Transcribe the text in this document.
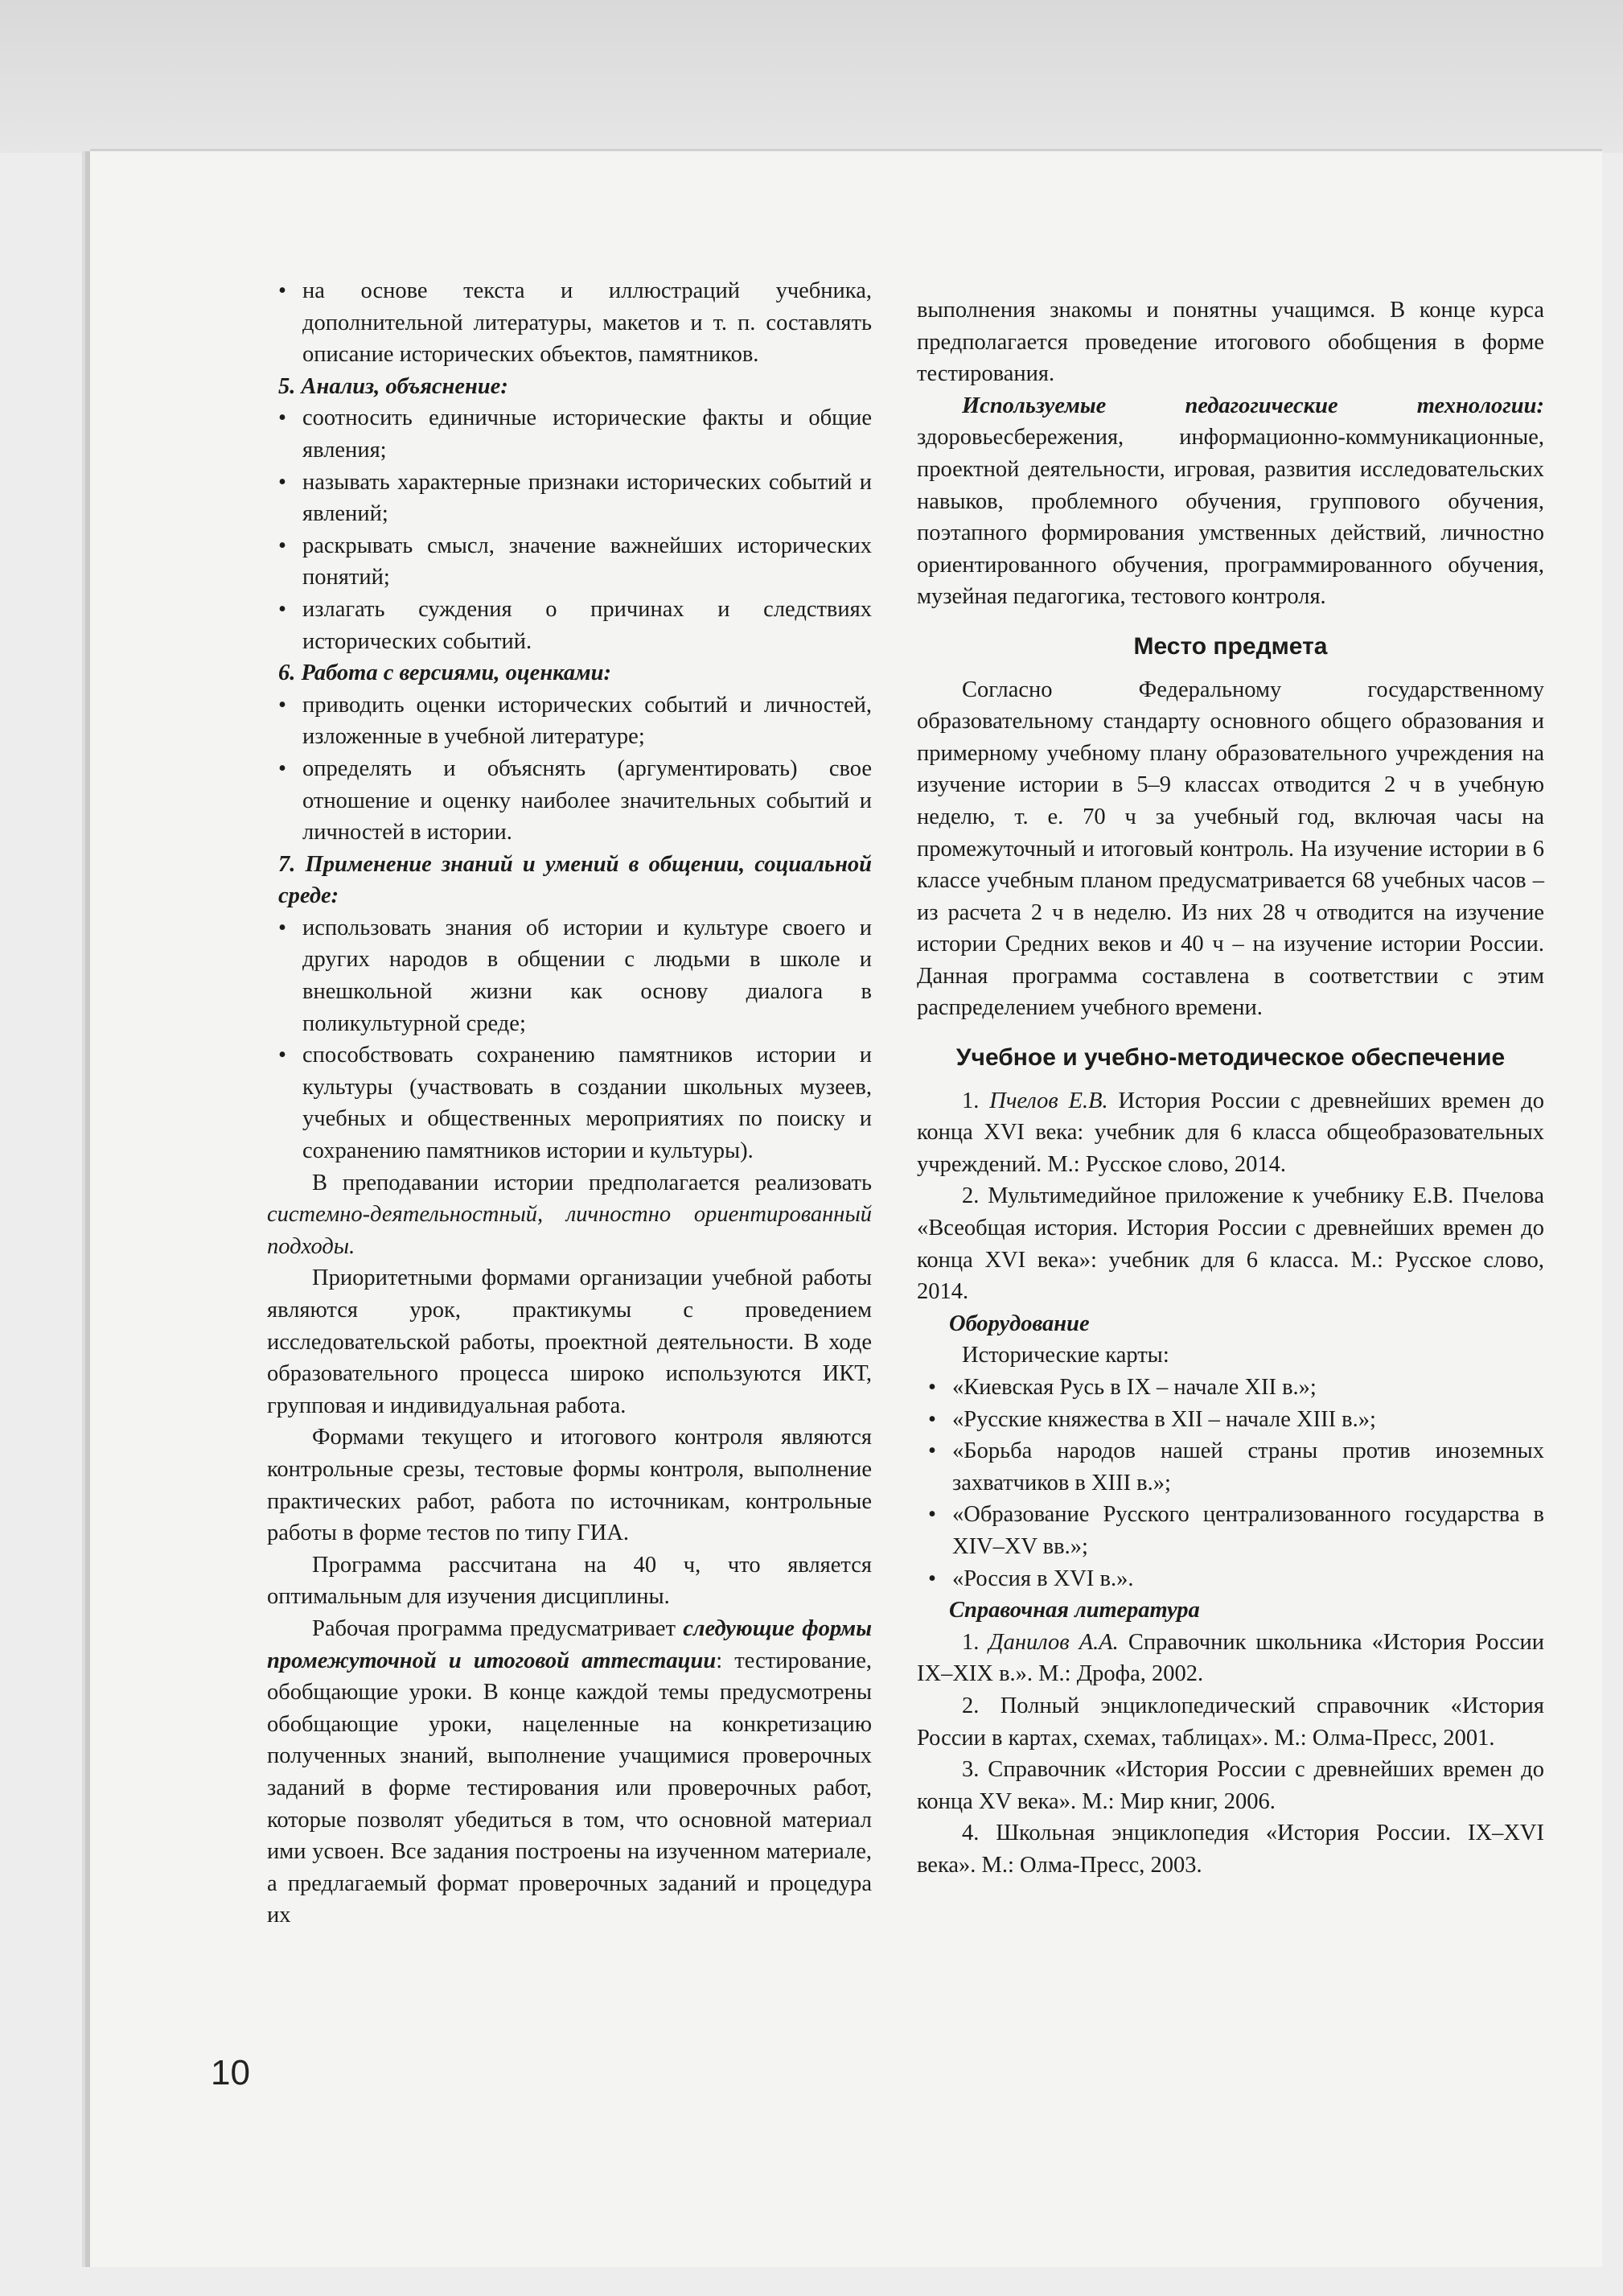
• на основе текста и иллюстраций учебника, дополнительной литературы, макетов и т. п. составлять описание исторических объектов, памятников.

5. Анализ, объяснение:

• соотносить единичные исторические факты и общие явления;
• называть характерные признаки исторических событий и явлений;
• раскрывать смысл, значение важнейших исторических понятий;
• излагать суждения о причинах и следствиях исторических событий.

6. Работа с версиями, оценками:

• приводить оценки исторических событий и личностей, изложенные в учебной литературе;
• определять и объяснять (аргументировать) свое отношение и оценку наиболее значительных событий и личностей в истории.

7. Применение знаний и умений в общении, социальной среде:

• использовать знания об истории и культуре своего и других народов в общении с людьми в школе и внешкольной жизни как основу диалога в поликультурной среде;
• способствовать сохранению памятников истории и культуры (участвовать в создании школьных музеев, учебных и общественных мероприятиях по поиску и сохранению памятников истории и культуры).

В преподавании истории предполагается реализовать системно-деятельностный, личностно ориентированный подходы.

Приоритетными формами организации учебной работы являются урок, практикумы с проведением исследовательской работы, проектной деятельности. В ходе образовательного процесса широко используются ИКТ, групповая и индивидуальная работа.

Формами текущего и итогового контроля являются контрольные срезы, тестовые формы контроля, выполнение практических работ, работа по источникам, контрольные работы в форме тестов по типу ГИА.

Программа рассчитана на 40 ч, что является оптимальным для изучения дисциплины.

Рабочая программа предусматривает следующие формы промежуточной и итоговой аттестации: тестирование, обобщающие уроки. В конце каждой темы предусмотрены обобщающие уроки, нацеленные на конкретизацию полученных знаний, выполнение учащимися проверочных заданий в форме тестирования или проверочных работ, которые позволят убедиться в том, что основной материал ими усвоен. Все задания построены на изученном материале, а предлагаемый формат проверочных заданий и процедура их

выполнения знакомы и понятны учащимся. В конце курса предполагается проведение итогового обобщения в форме тестирования.

Используемые педагогические технологии: здоровьесбережения, информационно-коммуникационные, проектной деятельности, игровая, развития исследовательских навыков, проблемного обучения, группового обучения, поэтапного формирования умственных действий, личностно ориентированного обучения, программированного обучения, музейная педагогика, тестового контроля.

Место предмета

Согласно Федеральному государственному образовательному стандарту основного общего образования и примерному учебному плану образовательного учреждения на изучение истории в 5–9 классах отводится 2 ч в учебную неделю, т. е. 70 ч за учебный год, включая часы на промежуточный и итоговый контроль. На изучение истории в 6 классе учебным планом предусматривается 68 учебных часов – из расчета 2 ч в неделю. Из них 28 ч отводится на изучение истории Средних веков и 40 ч – на изучение истории России. Данная программа составлена в соответствии с этим распределением учебного времени.

Учебное и учебно-методическое обеспечение

1. Пчелов Е.В. История России с древнейших времен до конца XVI века: учебник для 6 класса общеобразовательных учреждений. М.: Русское слово, 2014.

2. Мультимедийное приложение к учебнику Е.В. Пчелова «Всеобщая история. История России с древнейших времен до конца XVI века»: учебник для 6 класса. М.: Русское слово, 2014.

Оборудование

Исторические карты:

• «Киевская Русь в IX – начале XII в.»;
• «Русские княжества в XII – начале XIII в.»;
• «Борьба народов нашей страны против иноземных захватчиков в XIII в.»;
• «Образование Русского централизованного государства в XIV–XV вв.»;
• «Россия в XVI в.».

Справочная литература

1. Данилов А.А. Справочник школьника «История России IX–XIX в.». М.: Дрофа, 2002.

2. Полный энциклопедический справочник «История России в картах, схемах, таблицах». М.: Олма-Пресс, 2001.

3. Справочник «История России с древнейших времен до конца XV века». М.: Мир книг, 2006.

4. Школьная энциклопедия «История России. IX–XVI века». М.: Олма-Пресс, 2003.

10
